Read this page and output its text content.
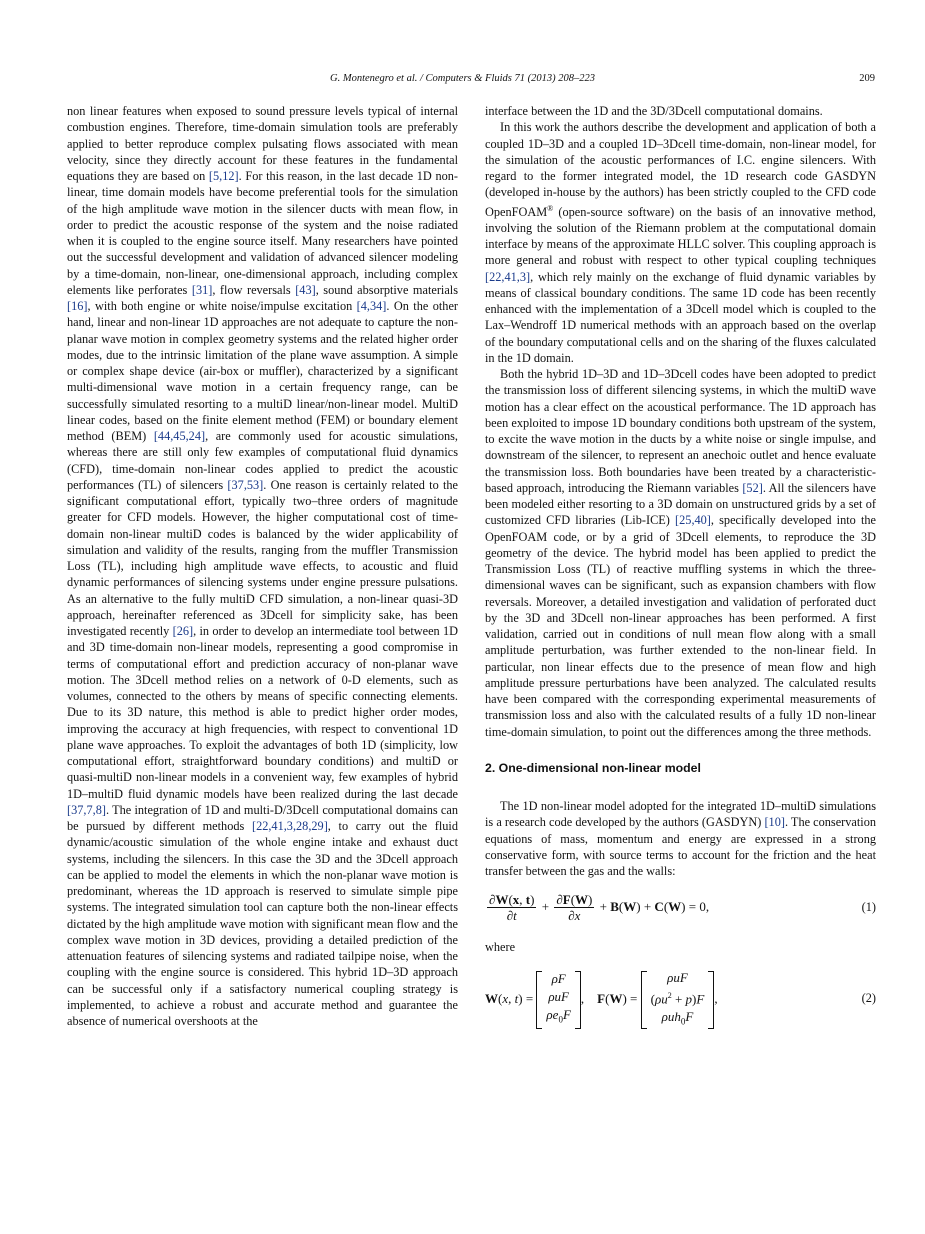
G. Montenegro et al. / Computers & Fluids 71 (2013) 208–223	209

non linear features when exposed to sound pressure levels typical of internal combustion engines. Therefore, time-domain simulation tools are preferably applied to better reproduce complex pulsating flows associated with mean velocity, since they directly account for these features in the fundamental equations they are based on [5,12]. For this reason, in the last decade 1D non-linear, time domain models have become preferential tools for the simulation of the high amplitude wave motion in the silencer ducts with mean flow, in order to predict the acoustic response of the system and the noise radiated when it is coupled to the engine source itself. Many researchers have pointed out the successful development and validation of advanced silencer modeling by a time-domain, non-linear, one-dimensional approach, including complex elements like perforates [31], flow reversals [43], sound absorptive materials [16], with both engine or white noise/impulse excitation [4,34]. On the other hand, linear and non-linear 1D approaches are not adequate to capture the non-planar wave motion in complex geometry systems and the related higher order modes, due to the intrinsic limitation of the plane wave assumption. A simple or complex shape device (air-box or muffler), characterized by a significant multi-dimensional wave motion in a certain frequency range, can be successfully simulated resorting to a multiD linear/non-linear model. MultiD linear codes, based on the finite element method (FEM) or boundary element method (BEM) [44,45,24], are commonly used for acoustic simulations, whereas there are still only few examples of computational fluid dynamics (CFD), time-domain non-linear codes applied to predict the acoustic performances (TL) of silencers [37,53]. One reason is certainly related to the significant computational effort, typically two–three orders of magnitude greater for CFD models. However, the higher computational cost of time-domain non-linear multiD codes is balanced by the wider applicability of simulation and validity of the results, ranging from the muffler Transmission Loss (TL), including high amplitude wave effects, to acoustic and fluid dynamic performances of silencing systems under engine pressure pulsations. As an alternative to the fully multiD CFD simulation, a non-linear quasi-3D approach, hereinafter referenced as 3Dcell for simplicity sake, has been investigated recently [26], in order to develop an intermediate tool between 1D and 3D time-domain non-linear models, representing a good compromise in terms of computational effort and prediction accuracy of non-planar wave motion. The 3Dcell method relies on a network of 0-D elements, such as volumes, connected to the others by means of specific connecting elements. Due to its 3D nature, this method is able to predict higher order modes, improving the accuracy at high frequencies, with respect to conventional 1D plane wave approaches. To exploit the advantages of both 1D (simplicity, low computational effort, straightforward boundary conditions) and multiD or quasi-multiD non-linear models in a convenient way, few examples of hybrid 1D–multiD fluid dynamic models have been realized during the last decade [37,7,8]. The integration of 1D and multi-D/3Dcell computational domains can be pursued by different methods [22,41,3,28,29], to carry out the fluid dynamic/acoustic simulation of the whole engine intake and exhaust duct systems, including the silencers. In this case the 3D and the 3Dcell approach can be applied to model the elements in which the non-planar wave motion is predominant, whereas the 1D approach is reserved to simulate simple pipe systems. The integrated simulation tool can capture both the non-linear effects dictated by the high amplitude wave motion with significant mean flow and the complex wave motion in 3D devices, providing a detailed prediction of the attenuation features of silencing systems and radiated tailpipe noise, when the coupling with the engine source is considered. This hybrid 1D–3D approach can be successful only if a satisfactory numerical coupling strategy is implemented, to achieve a robust and accurate method and guarantee the absence of numerical overshoots at the

interface between the 1D and the 3D/3Dcell computational domains.

In this work the authors describe the development and application of both a coupled 1D–3D and a coupled 1D–3Dcell time-domain, non-linear model, for the simulation of the acoustic performances of I.C. engine silencers. With regard to the former integrated model, the 1D research code GASDYN (developed in-house by the authors) has been strictly coupled to the CFD code OpenFOAM® (open-source software) on the basis of an innovative method, involving the solution of the Riemann problem at the computational domain interface by means of the approximate HLLC solver. This coupling approach is more general and robust with respect to other typical coupling techniques [22,41,3], which rely mainly on the exchange of fluid dynamic variables by means of classical boundary conditions. The same 1D code has been recently enhanced with the implementation of a 3Dcell model which is coupled to the Lax–Wendroff 1D numerical methods with an approach based on the overlap of the boundary computational cells and on the sharing of the fluxes calculated in the 1D domain.

Both the hybrid 1D–3D and 1D–3Dcell codes have been adopted to predict the transmission loss of different silencing systems, in which the multiD wave motion has a clear effect on the acoustical performance. The 1D approach has been exploited to impose 1D boundary conditions both upstream of the system, to excite the wave motion in the ducts by a white noise or single impulse, and downstream of the silencer, to represent an anechoic outlet and hence evaluate the transmission loss. Both boundaries have been treated by a characteristic-based approach, introducing the Riemann variables [52]. All the silencers have been modeled either resorting to a 3D domain on unstructured grids by a set of customized CFD libraries (Lib-ICE) [25,40], specifically developed into the OpenFOAM code, or by a grid of 3Dcell elements, to reproduce the 3D geometry of the device. The hybrid model has been applied to predict the Transmission Loss (TL) of reactive muffling systems in which the three-dimensional waves can be significant, such as expansion chambers with flow reversals. Moreover, a detailed investigation and validation of perforated duct by the 3D and 3Dcell non-linear approaches has been performed. A first validation, carried out in conditions of null mean flow along with a small amplitude perturbation, was further extended to the non-linear field. In particular, non linear effects due to the presence of mean flow and high amplitude pressure perturbations have been analyzed. The calculated results have been compared with the corresponding experimental measurements of transmission loss and also with the calculated results of a fully 1D non-linear time-domain simulation, to point out the differences among the three methods.

2. One-dimensional non-linear model

The 1D non-linear model adopted for the integrated 1D–multiD simulations is a research code developed by the authors (GASDYN) [10]. The conservation equations of mass, momentum and energy are expressed in a strong conservative form, with source terms to account for the friction and the heat transfer between the gas and the walls:

$\frac{\partial W(x, t)}{\partial t} + \frac{\partial F(W)}{\partial x} + B(W) + C(W) = 0$,	(1)
where
W(x, t) =
ρF
ρuF
$\rho e_0F$
,    F(W) =
ρuF
$(\rho u^2 + p)F$
ρuh$_0$F
,	(2)
